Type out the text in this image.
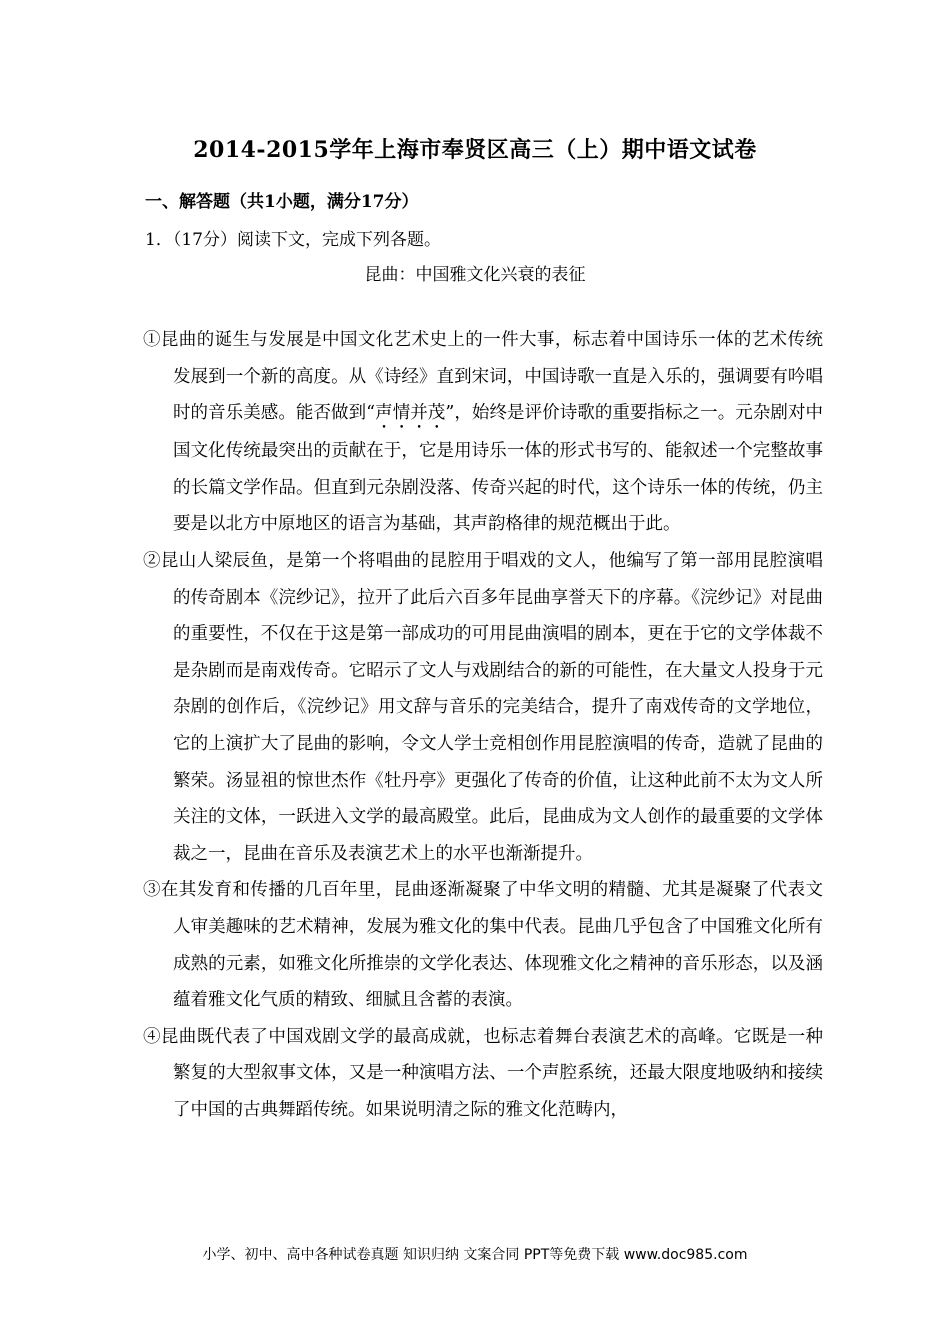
2014-2015学年上海市奉贤区高三（上）期中语文试卷
一、解答题（共1小题，满分17分）
1．（17分）阅读下文，完成下列各题。
昆曲：中国雅文化兴衰的表征

①昆曲的诞生与发展是中国文化艺术史上的一件大事，标志着中国诗乐一体的艺术传统发展到一个新的高度。从《诗经》直到宋词，中国诗歌一直是入乐的，强调要有吟唱时的音乐美感。能否做到“声情并茂”，始终是评价诗歌的重要指标之一。元杂剧对中国文化传统最突出的贡献在于，它是用诗乐一体的形式书写的、能叙述一个完整故事的长篇文学作品。但直到元杂剧没落、传奇兴起的时代，这个诗乐一体的传统，仍主要是以北方中原地区的语言为基础，其声韵格律的规范概出于此。

②昆山人梁辰鱼，是第一个将唱曲的昆腔用于唱戏的文人，他编写了第一部用昆腔演唱的传奇剧本《浣纱记》，拉开了此后六百多年昆曲享誉天下的序幕。《浣纱记》对昆曲的重要性，不仅在于这是第一部成功的可用昆曲演唱的剧本，更在于它的文学体裁不是杂剧而是南戏传奇。它昭示了文人与戏剧结合的新的可能性，在大量文人投身于元杂剧的创作后，《浣纱记》用文辞与音乐的完美结合，提升了南戏传奇的文学地位，它的上演扩大了昆曲的影响，令文人学士竞相创作用昆腔演唱的传奇，造就了昆曲的繁荣。汤显祖的惊世杰作《牡丹亭》更强化了传奇的价值，让这种此前不太为文人所关注的文体，一跃进入文学的最高殿堂。此后，昆曲成为文人创作的最重要的文学体裁之一，昆曲在音乐及表演艺术上的水平也渐渐提升。

③在其发育和传播的几百年里，昆曲逐渐凝聚了中华文明的精髓、尤其是凝聚了代表文人审美趣味的艺术精神，发展为雅文化的集中代表。昆曲几乎包含了中国雅文化所有成熟的元素，如雅文化所推崇的文学化表达、体现雅文化之精神的音乐形态，以及涵蕴着雅文化气质的精致、细腻且含蓄的表演。

④昆曲既代表了中国戏剧文学的最高成就，也标志着舞台表演艺术的高峰。它既是一种繁复的大型叙事文体，又是一种演唱方法、一个声腔系统，还最大限度地吸纳和接续了中国的古典舞蹈传统。如果说明清之际的雅文化范畴内，

小学、初中、高中各种试卷真题 知识归纳 文案合同 PPT等免费下载 www.doc985.com
